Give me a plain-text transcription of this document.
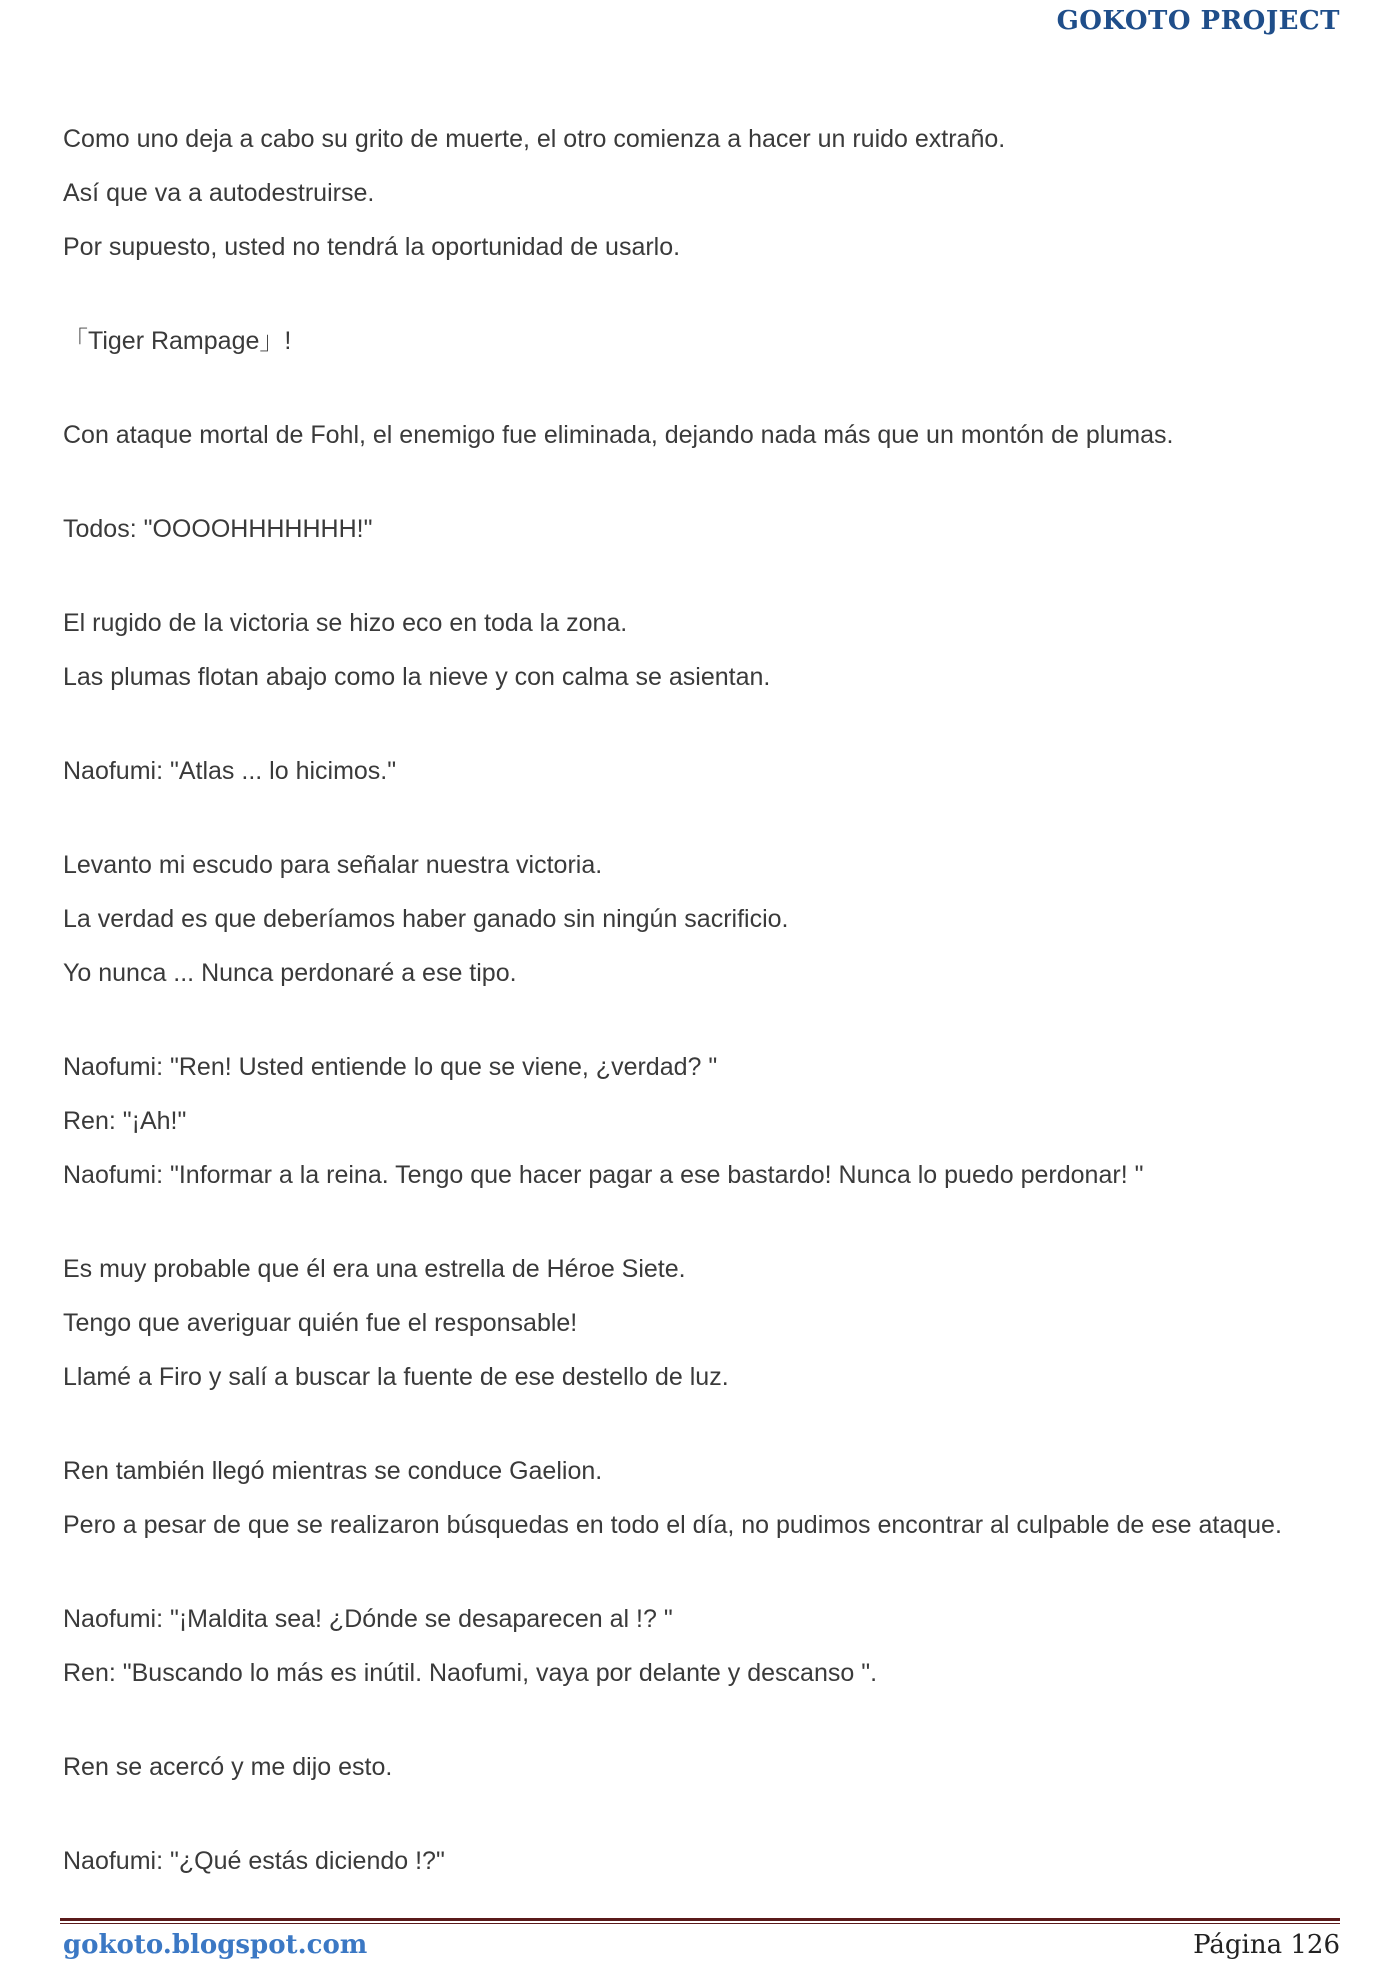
GOKOTO PROJECT
Como uno deja a cabo su grito de muerte, el otro comienza a hacer un ruido extraño.
Así que va a autodestruirse.
Por supuesto, usted no tendrá la oportunidad de usarlo.
「Tiger Rampage」!
Con ataque mortal de Fohl, el enemigo fue eliminada, dejando nada más que un montón de plumas.
Todos: "OOOOHHHHHHH!"
El rugido de la victoria se hizo eco en toda la zona.
Las plumas flotan abajo como la nieve y con calma se asientan.
Naofumi: "Atlas ... lo hicimos."
Levanto mi escudo para señalar nuestra victoria.
La verdad es que deberíamos haber ganado sin ningún sacrificio.
Yo nunca ... Nunca perdonaré a ese tipo.
Naofumi: "Ren! Usted entiende lo que se viene, ¿verdad? "
Ren: "¡Ah!"
Naofumi: "Informar a la reina. Tengo que hacer pagar a ese bastardo! Nunca lo puedo perdonar! "
Es muy probable que él era una estrella de Héroe Siete.
Tengo que averiguar quién fue el responsable!
Llamé a Firo y salí a buscar la fuente de ese destello de luz.
Ren también llegó mientras se conduce Gaelion.
Pero a pesar de que se realizaron búsquedas en todo el día, no pudimos encontrar al culpable de ese ataque.
Naofumi: "¡Maldita sea! ¿Dónde se desaparecen al !? "
Ren: "Buscando lo más es inútil. Naofumi, vaya por delante y descanso ".
Ren se acercó y me dijo esto.
Naofumi: "¿Qué estás diciendo !?"
gokoto.blogspot.com	Página 126
